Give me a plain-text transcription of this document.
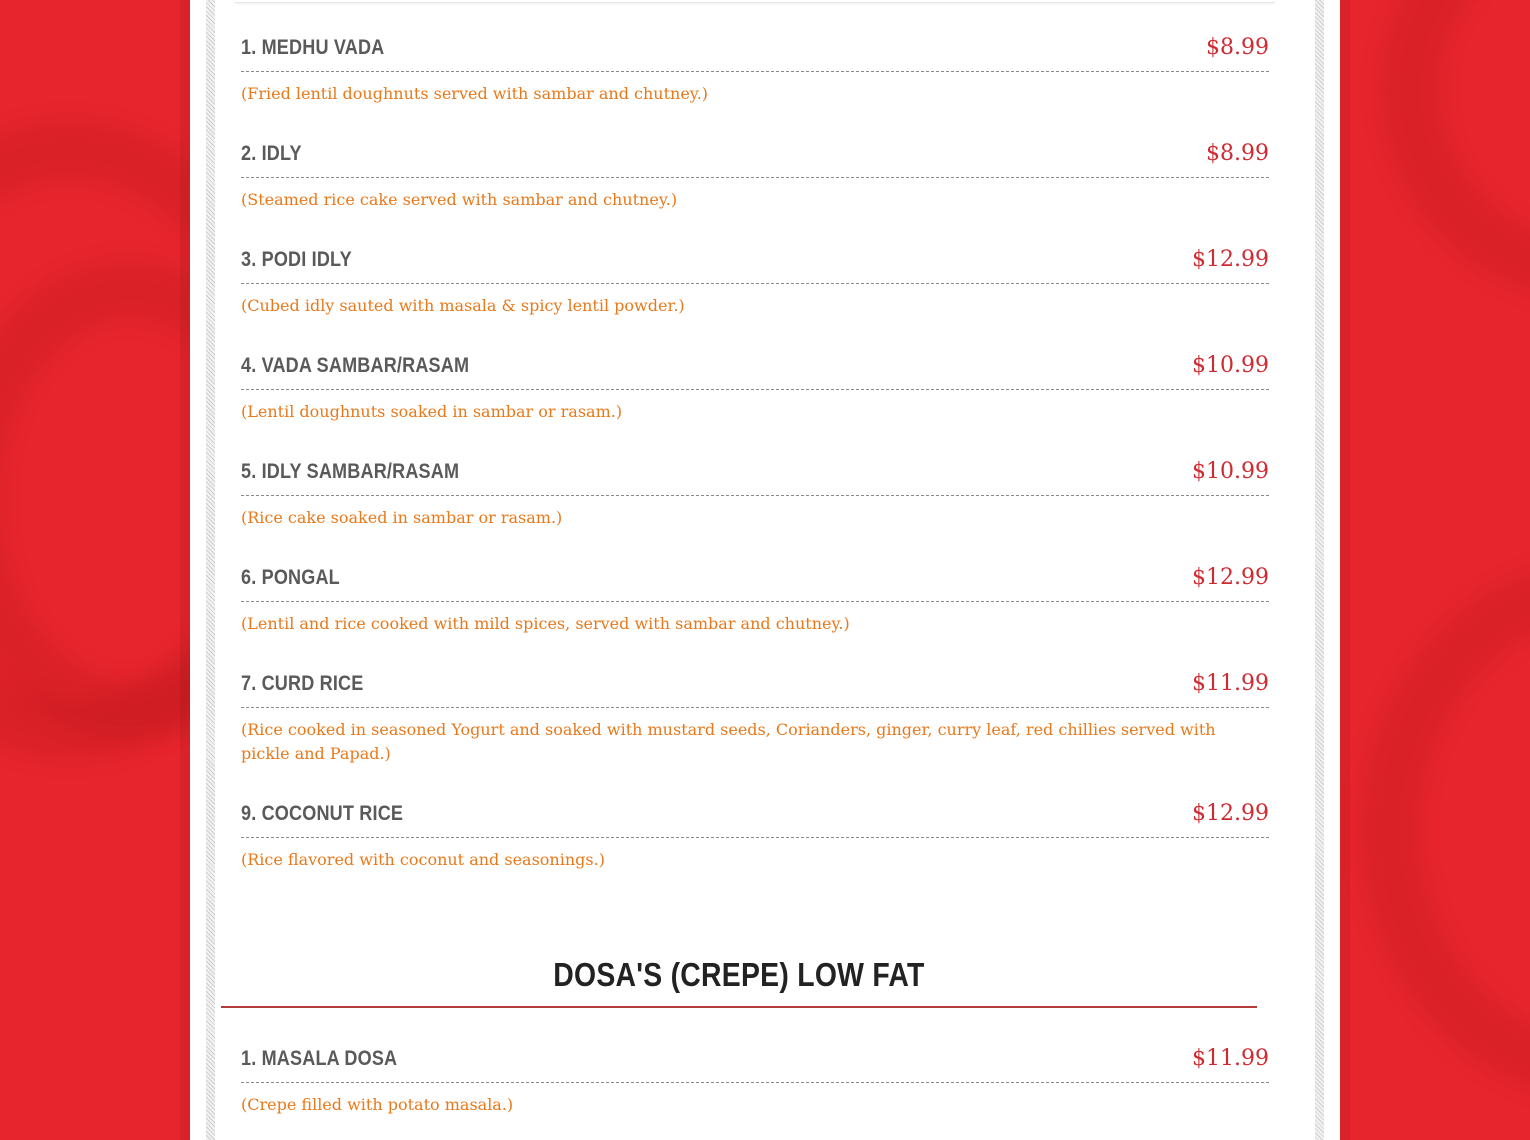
1. MEDHU VADA	$8.99
(Fried lentil doughnuts served with sambar and chutney.)
2. IDLY	$8.99
(Steamed rice cake served with sambar and chutney.)
3. PODI IDLY	$12.99
(Cubed idly sauted with masala & spicy lentil powder.)
4. VADA SAMBAR/RASAM	$10.99
(Lentil doughnuts soaked in sambar or rasam.)
5. IDLY SAMBAR/RASAM	$10.99
(Rice cake soaked in sambar or rasam.)
6. PONGAL	$12.99
(Lentil and rice cooked with mild spices, served with sambar and chutney.)
7. CURD RICE	$11.99
(Rice cooked in seasoned Yogurt and soaked with mustard seeds, Corianders, ginger, curry leaf, red chillies served with pickle and Papad.)
9. COCONUT RICE	$12.99
(Rice flavored with coconut and seasonings.)
DOSA'S (CREPE) LOW FAT
1. MASALA DOSA	$11.99
(Crepe filled with potato masala.)
